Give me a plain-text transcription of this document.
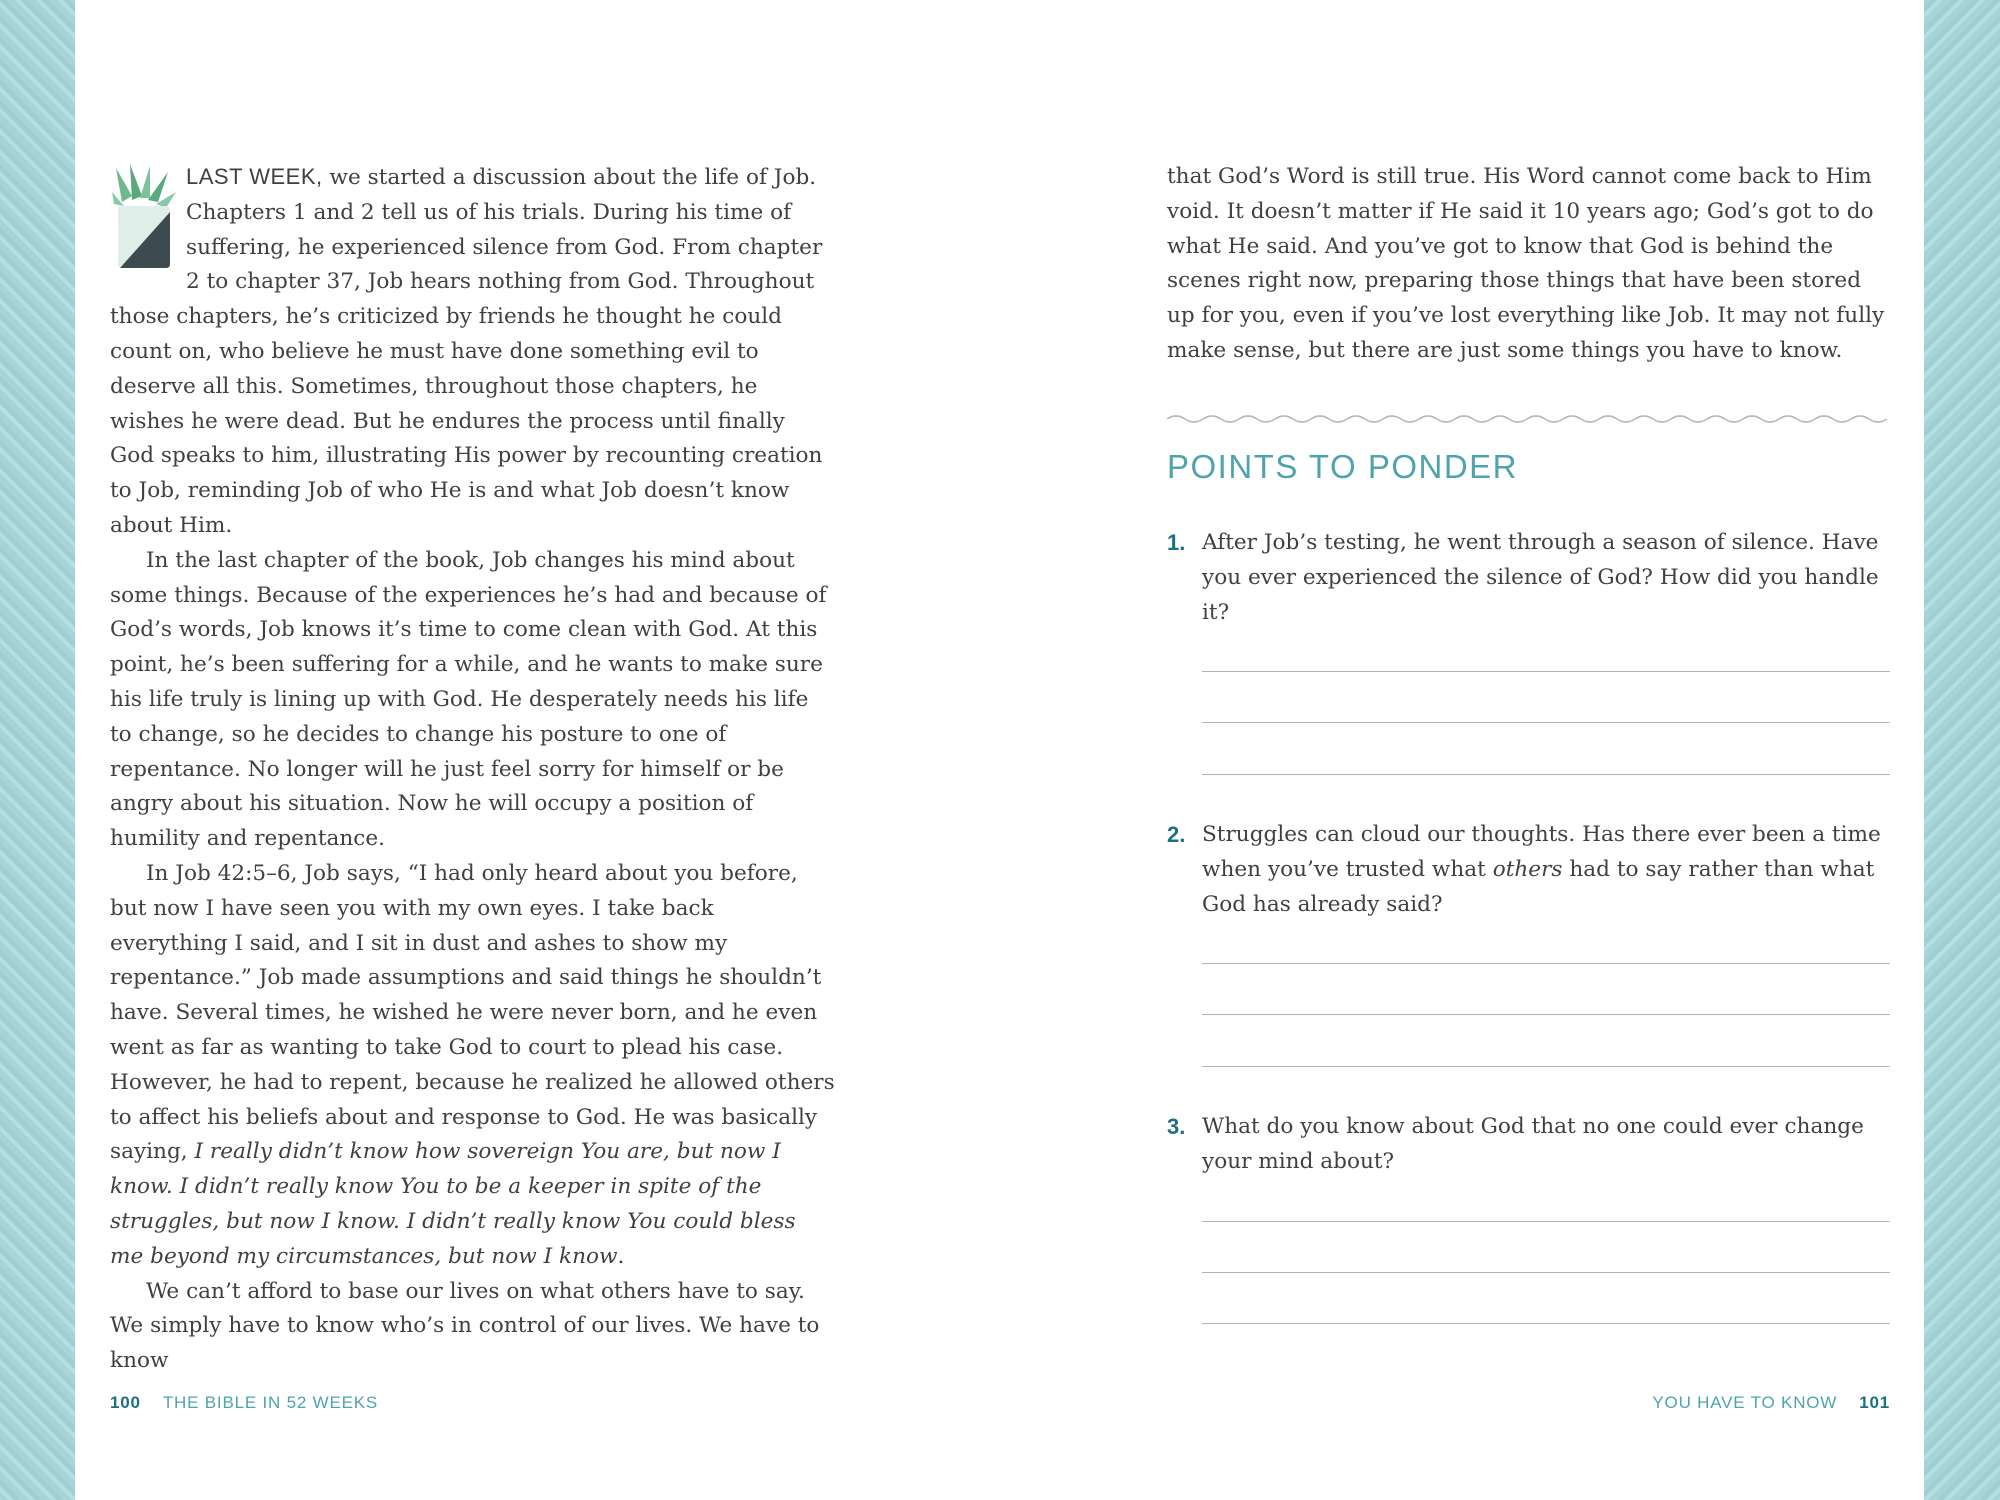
LAST WEEK, we started a discussion about the life of Job. Chapters 1 and 2 tell us of his trials. During his time of suffering, he experienced silence from God. From chapter 2 to chapter 37, Job hears nothing from God. Throughout those chapters, he’s criticized by friends he thought he could count on, who believe he must have done something evil to deserve all this. Sometimes, throughout those chapters, he wishes he were dead. But he endures the process until finally God speaks to him, illustrating His power by recounting creation to Job, reminding Job of who He is and what Job doesn’t know about Him.

In the last chapter of the book, Job changes his mind about some things. Because of the experiences he’s had and because of God’s words, Job knows it’s time to come clean with God. At this point, he’s been suffering for a while, and he wants to make sure his life truly is lining up with God. He desperately needs his life to change, so he decides to change his posture to one of repentance. No longer will he just feel sorry for himself or be angry about his situation. Now he will occupy a position of humility and repentance.

In Job 42:5–6, Job says, “I had only heard about you before, but now I have seen you with my own eyes. I take back everything I said, and I sit in dust and ashes to show my repentance.” Job made assumptions and said things he shouldn’t have. Several times, he wished he were never born, and he even went as far as wanting to take God to court to plead his case. However, he had to repent, because he realized he allowed others to affect his beliefs about and response to God. He was basically saying, I really didn’t know how sovereign You are, but now I know. I didn’t really know You to be a keeper in spite of the struggles, but now I know. I didn’t really know You could bless me beyond my circumstances, but now I know.

We can’t afford to base our lives on what others have to say. We simply have to know who’s in control of our lives. We have to know

100 THE BIBLE IN 52 WEEKS

that God’s Word is still true. His Word cannot come back to Him void. It doesn’t matter if He said it 10 years ago; God’s got to do what He said. And you’ve got to know that God is behind the scenes right now, preparing those things that have been stored up for you, even if you’ve lost everything like Job. It may not fully make sense, but there are just some things you have to know.

POINTS TO PONDER
1. After Job’s testing, he went through a season of silence. Have you ever experienced the silence of God? How did you handle it?
2. Struggles can cloud our thoughts. Has there ever been a time when you’ve trusted what others had to say rather than what God has already said?
3. What do you know about God that no one could ever change your mind about?
YOU HAVE TO KNOW 101
